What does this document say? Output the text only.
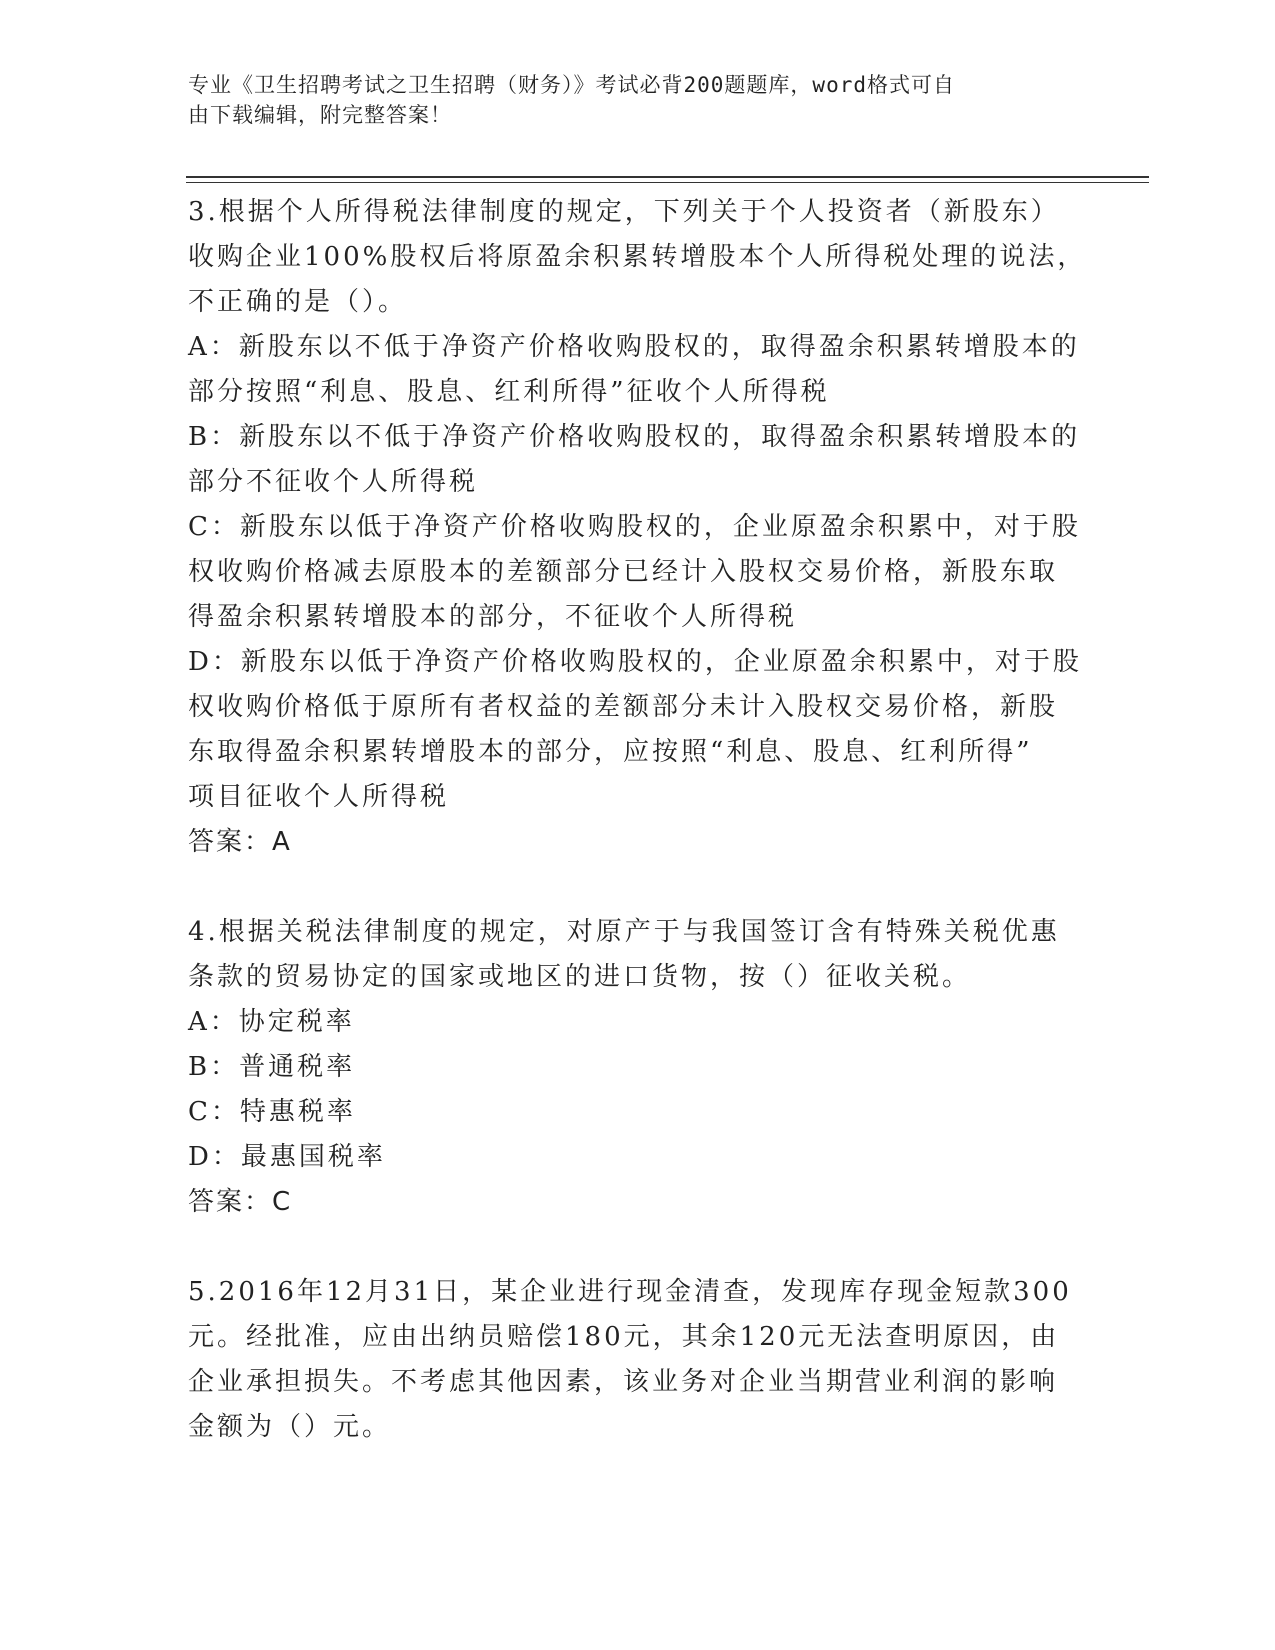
专业《卫生招聘考试之卫生招聘（财务）》考试必背200题题库，word格式可自
由下载编辑，附完整答案！
3.根据个人所得税法律制度的规定，下列关于个人投资者（新股东）
收购企业100%股权后将原盈余积累转增股本个人所得税处理的说法，
不正确的是（）。
A：新股东以不低于净资产价格收购股权的，取得盈余积累转增股本的
部分按照“利息、股息、红利所得”征收个人所得税
B：新股东以不低于净资产价格收购股权的，取得盈余积累转增股本的
部分不征收个人所得税
C：新股东以低于净资产价格收购股权的，企业原盈余积累中，对于股
权收购价格减去原股本的差额部分已经计入股权交易价格，新股东取
得盈余积累转增股本的部分，不征收个人所得税
D：新股东以低于净资产价格收购股权的，企业原盈余积累中，对于股
权收购价格低于原所有者权益的差额部分未计入股权交易价格，新股
东取得盈余积累转增股本的部分，应按照“利息、股息、红利所得”
项目征收个人所得税
答案：A
4.根据关税法律制度的规定，对原产于与我国签订含有特殊关税优惠
条款的贸易协定的国家或地区的进口货物，按（）征收关税。
A：协定税率
B：普通税率
C：特惠税率
D：最惠国税率
答案：C
5.2016年12月31日，某企业进行现金清查，发现库存现金短款300
元。经批准，应由出纳员赔偿180元，其余120元无法查明原因，由
企业承担损失。不考虑其他因素，该业务对企业当期营业利润的影响
金额为（）元。
